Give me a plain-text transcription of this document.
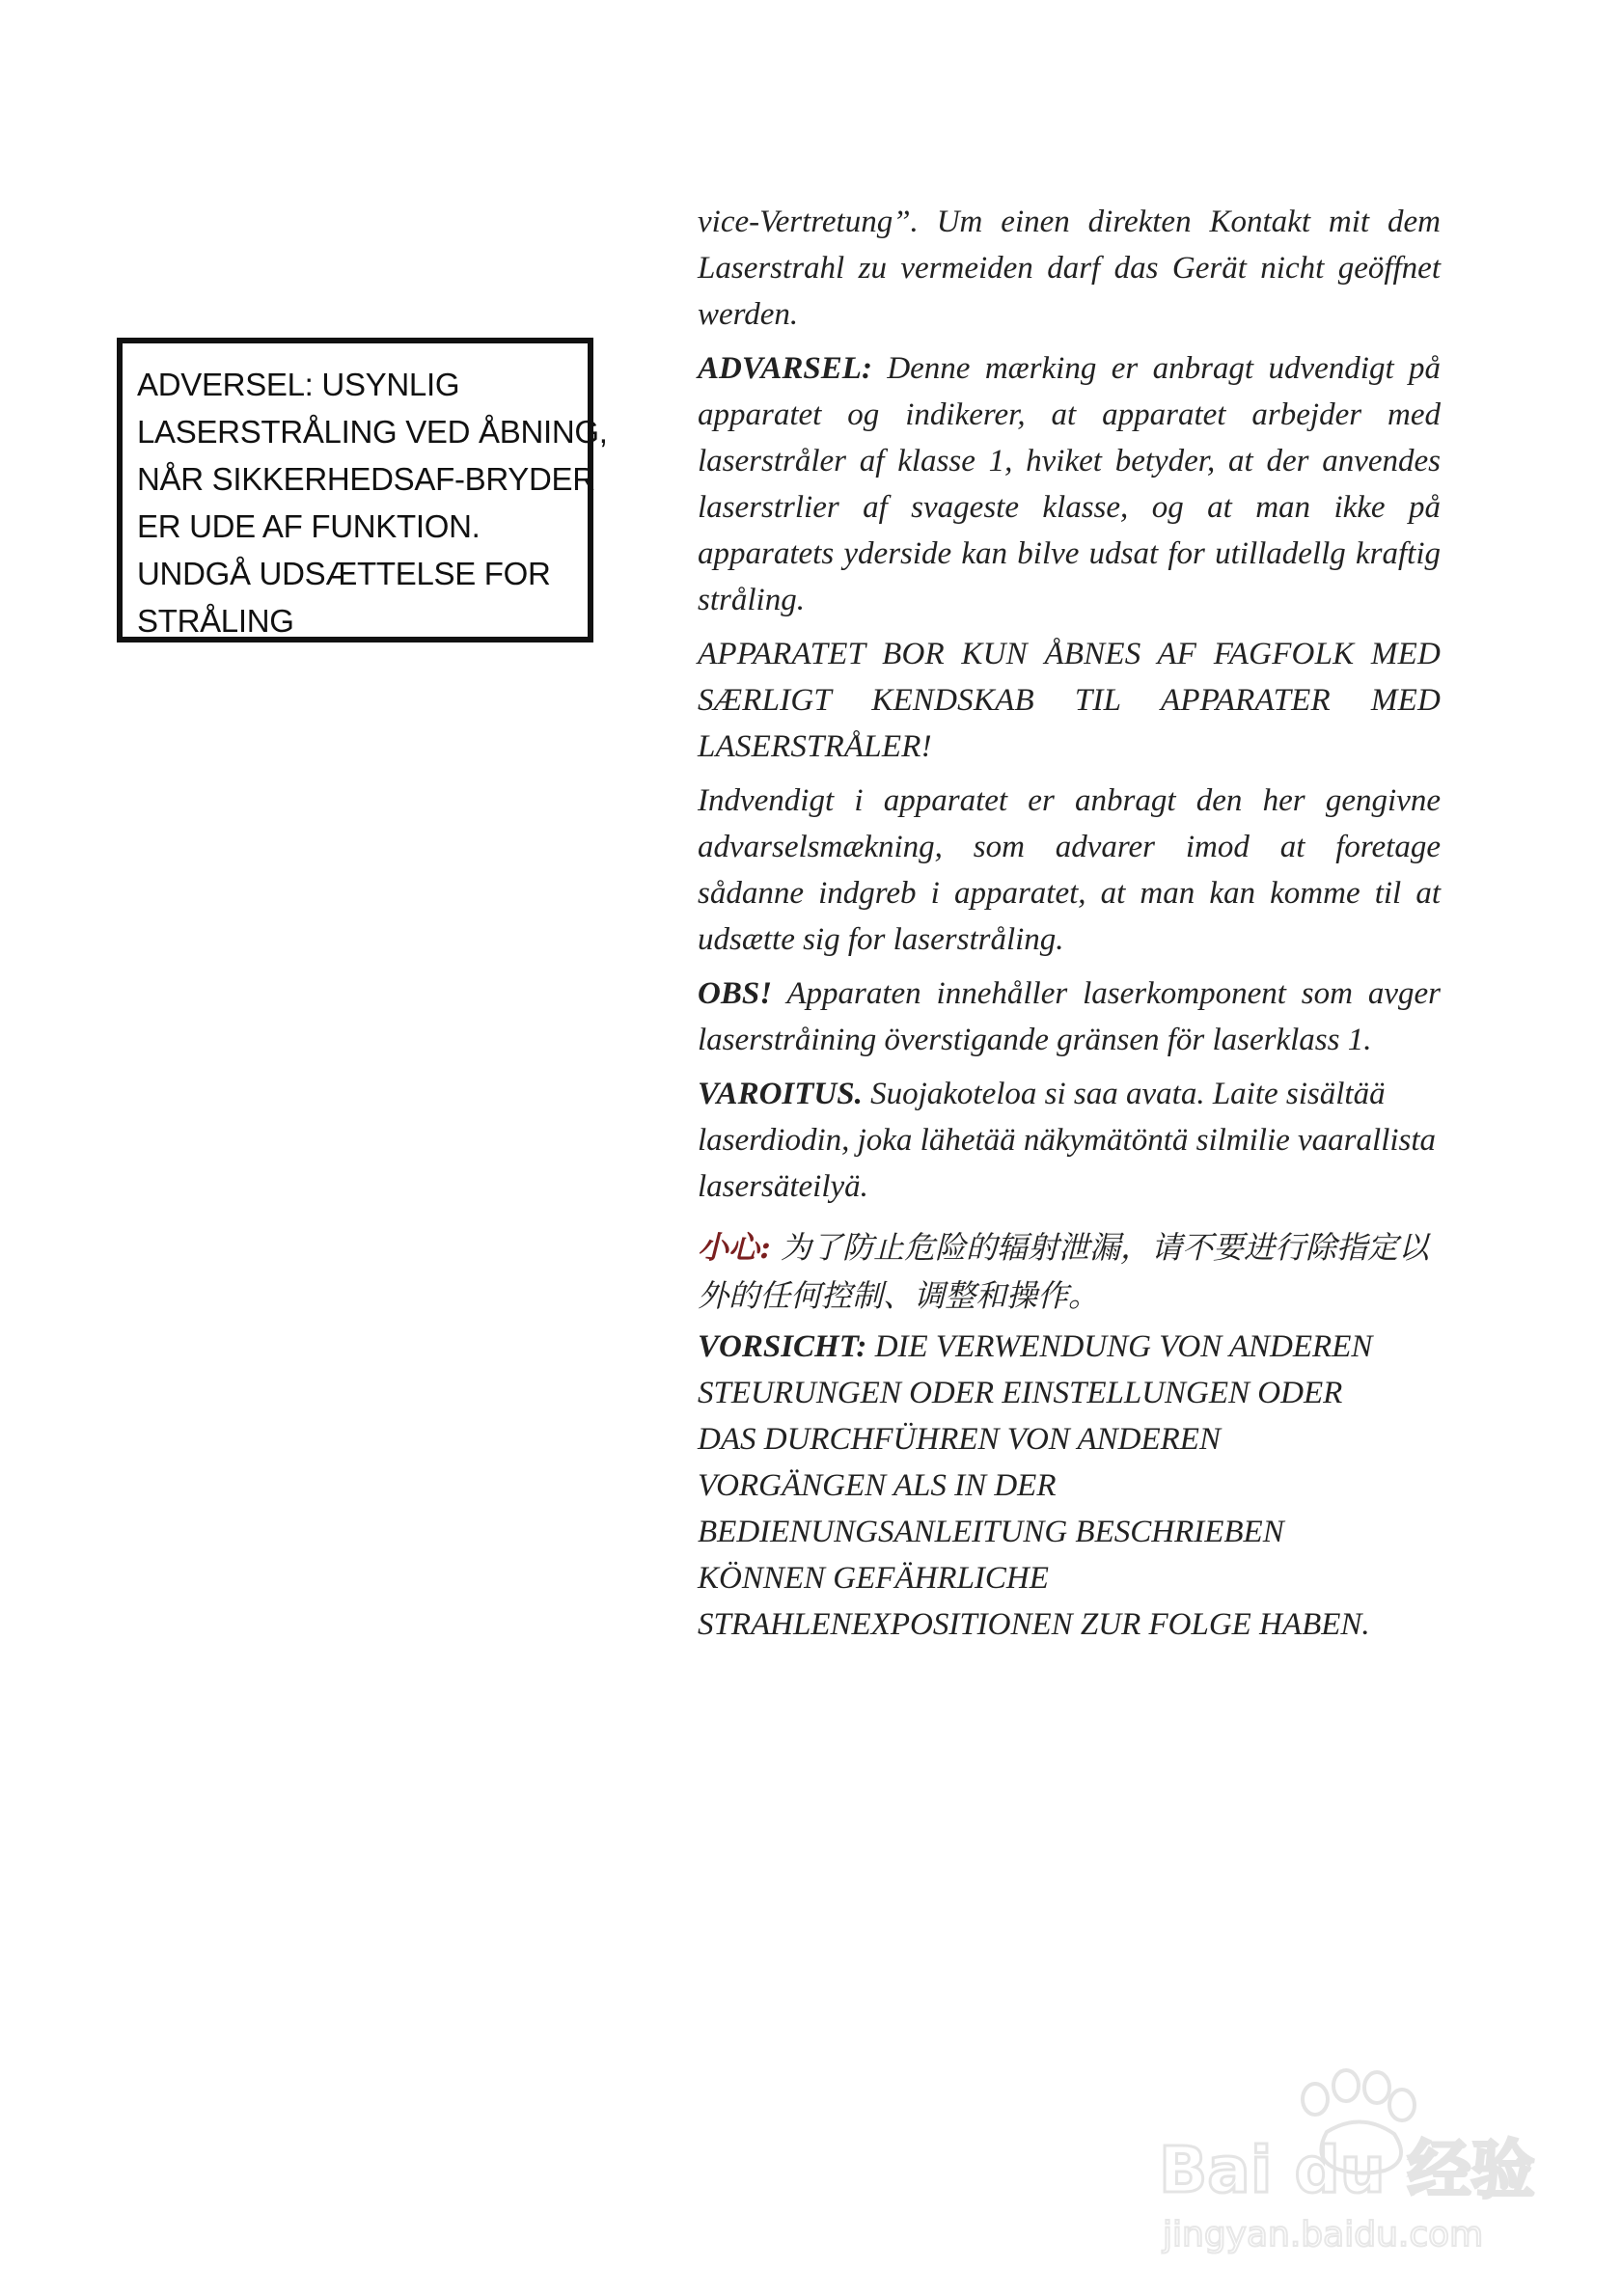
ADVERSEL: USYNLIG
LASERSTRÅLING VED ÅBNING,
NÅR SIKKERHEDSAF-BRYDER
ER UDE AF FUNKTION.
UNDGÅ UDSÆTTELSE FOR
STRÅLING

vice-Vertretung”. Um einen direkten Kontakt mit dem Laserstrahl zu vermeiden darf das Gerät nicht geöffnet werden.

ADVARSEL: Denne mærking er anbragt udvendigt på apparatet og indikerer, at apparatet arbejder med laserstråler af klasse 1, hviket betyder, at der anvendes laserstrlier af svageste klasse, og at man ikke på apparatets yderside kan bilve udsat for utilladellg kraftig stråling.

APPARATET BOR KUN ÅBNES AF FAGFOLK MED SÆRLIGT KENDSKAB TIL APPARATER MED LASERSTRÅLER!

Indvendigt i apparatet er anbragt den her gengivne advarselsmækning, som advarer imod at foretage sådanne indgreb i apparatet, at man kan komme til at udsætte sig for laserstråling.

OBS! Apparaten innehåller laserkomponent som avger laserstråining överstigande gränsen för laserklass 1.

VAROITUS. Suojakoteloa si saa avata. Laite sisältää laserdiodin, joka lähetää näkymätöntä silmilie vaarallista lasersäteilyä.

小心: 为了防止危险的辐射泄漏，请不要进行除指定以外的任何控制、调整和操作。

VORSICHT: DIE VERWENDUNG VON ANDEREN
STEURUNGEN ODER EINSTELLUNGEN ODER
DAS DURCHFÜHREN VON ANDEREN
VORGÄNGEN ALS IN DER
BEDIENUNGSANLEITUNG BESCHRIEBEN
KÖNNEN GEFÄHRLICHE
STRAHLENEXPOSITIONEN ZUR FOLGE HABEN.

Bai du 经验
jingyan.baidu.com
